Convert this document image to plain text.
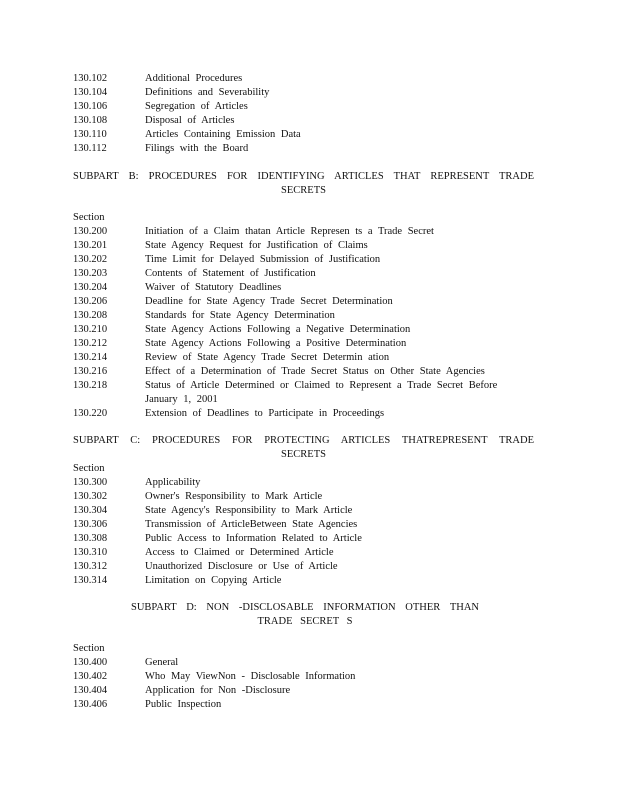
130.102	Additional Procedures
130.104	Definitions and Severability
130.106	Segregation of Articles
130.108	Disposal of Articles
130.110	Articles Containing Emission Data
130.112	Filings with the Board
SUBPART B: PROCEDURES FOR IDENTIFYING ARTICLES THAT REPRESENT TRADE
SECRETS
Section
130.200	Initiation of a Claim thatan Article Represen ts a Trade Secret
130.201	State Agency Request for Justification of Claims
130.202	Time Limit for Delayed Submission of Justification
130.203	Contents of Statement of Justification
130.204	Waiver of Statutory Deadlines
130.206	Deadline for State Agency Trade Secret Determination
130.208	Standards for State Agency Determination
130.210	State Agency Actions Following a Negative Determination
130.212	State Agency Actions Following a Positive Determination
130.214	Review of State Agency Trade Secret Determin ation
130.216	Effect of a Determination of Trade Secret Status on Other State Agencies
130.218	Status of Article Determined or Claimed to Represent a Trade Secret Before
January 1, 2001
130.220	Extension of Deadlines to Participate in Proceedings
SUBPART C: PROCEDURES FOR PROTECTING ARTICLES THATREPRESENT TRADE
SECRETS
Section
130.300	Applicability
130.302	Owner's Responsibility to Mark Article
130.304	State Agency's Responsibility to Mark Article
130.306	Transmission of ArticleBetween State Agencies
130.308	Public Access to Information Related to Article
130.310	Access to Claimed or Determined Article
130.312	Unauthorized Disclosure or Use of Article
130.314	Limitation on Copying Article
SUBPART D: NON -DISCLOSABLE INFORMATION OTHER THAN
TRADE SECRET S
Section
130.400	General
130.402	Who May ViewNon - Disclosable Information
130.404	Application for Non -Disclosure
130.406	Public Inspection
